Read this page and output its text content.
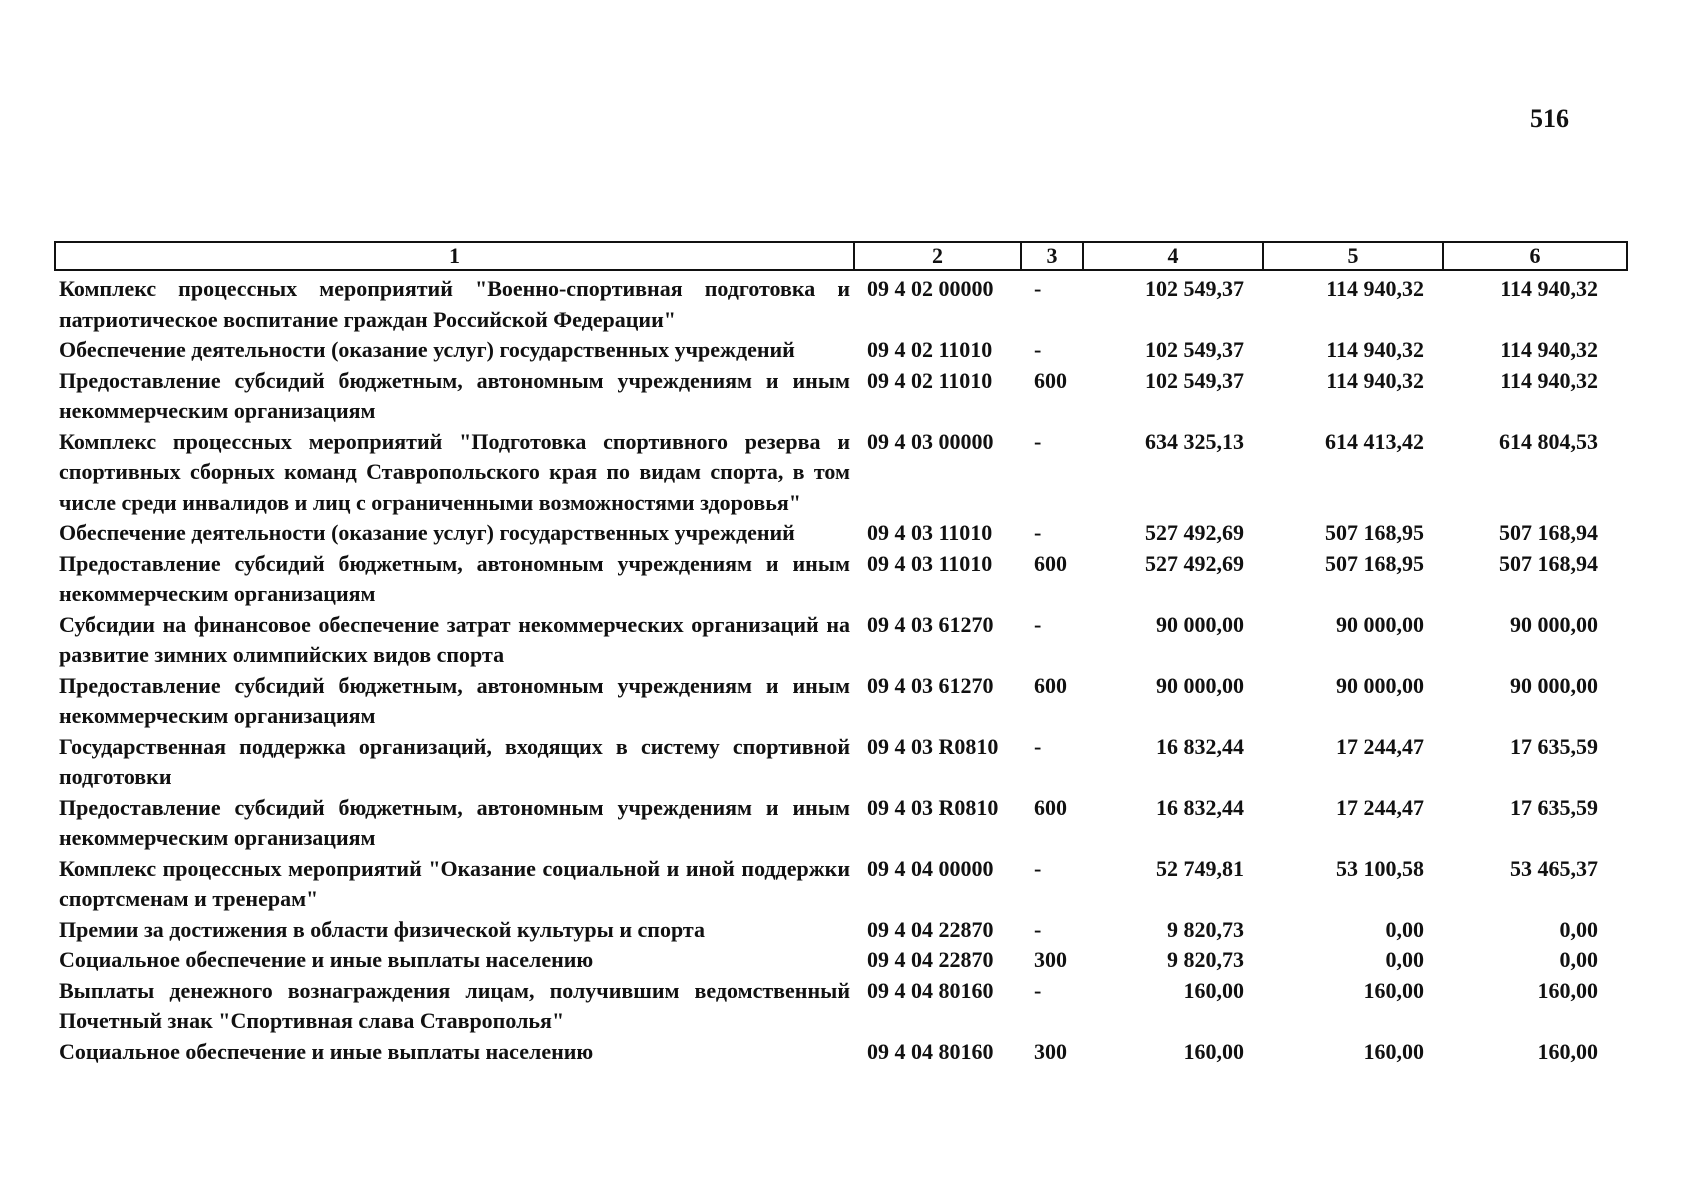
516
1	2	3	4	5	6
Комплекс процессных мероприятий "Военно-спортивная подготовка и патриотическое воспитание граждан Российской Федерации"	09 4 02 00000	-	102 549,37	114 940,32	114 940,32
Обеспечение деятельности (оказание услуг) государственных учреждений	09 4 02 11010	-	102 549,37	114 940,32	114 940,32
Предоставление субсидий бюджетным, автономным учреждениям и иным некоммерческим организациям	09 4 02 11010	600	102 549,37	114 940,32	114 940,32
Комплекс процессных мероприятий "Подготовка спортивного резерва и спортивных сборных команд Ставропольского края по видам спорта, в том числе среди инвалидов и лиц с ограниченными возможностями здоровья"	09 4 03 00000	-	634 325,13	614 413,42	614 804,53
Обеспечение деятельности (оказание услуг) государственных учреждений	09 4 03 11010	-	527 492,69	507 168,95	507 168,94
Предоставление субсидий бюджетным, автономным учреждениям и иным некоммерческим организациям	09 4 03 11010	600	527 492,69	507 168,95	507 168,94
Субсидии на финансовое обеспечение затрат некоммерческих организаций на развитие зимних олимпийских видов спорта	09 4 03 61270	-	90 000,00	90 000,00	90 000,00
Предоставление субсидий бюджетным, автономным учреждениям и иным некоммерческим организациям	09 4 03 61270	600	90 000,00	90 000,00	90 000,00
Государственная поддержка организаций, входящих в систему спортивной подготовки	09 4 03 R0810	-	16 832,44	17 244,47	17 635,59
Предоставление субсидий бюджетным, автономным учреждениям и иным некоммерческим организациям	09 4 03 R0810	600	16 832,44	17 244,47	17 635,59
Комплекс процессных мероприятий "Оказание социальной и иной поддержки спортсменам и тренерам"	09 4 04 00000	-	52 749,81	53 100,58	53 465,37
Премии за достижения в области физической культуры и спорта	09 4 04 22870	-	9 820,73	0,00	0,00
Социальное обеспечение и иные выплаты населению	09 4 04 22870	300	9 820,73	0,00	0,00
Выплаты денежного вознаграждения лицам, получившим ведомственный Почетный знак "Спортивная слава Ставрополья"	09 4 04 80160	-	160,00	160,00	160,00
Социальное обеспечение и иные выплаты населению	09 4 04 80160	300	160,00	160,00	160,00
